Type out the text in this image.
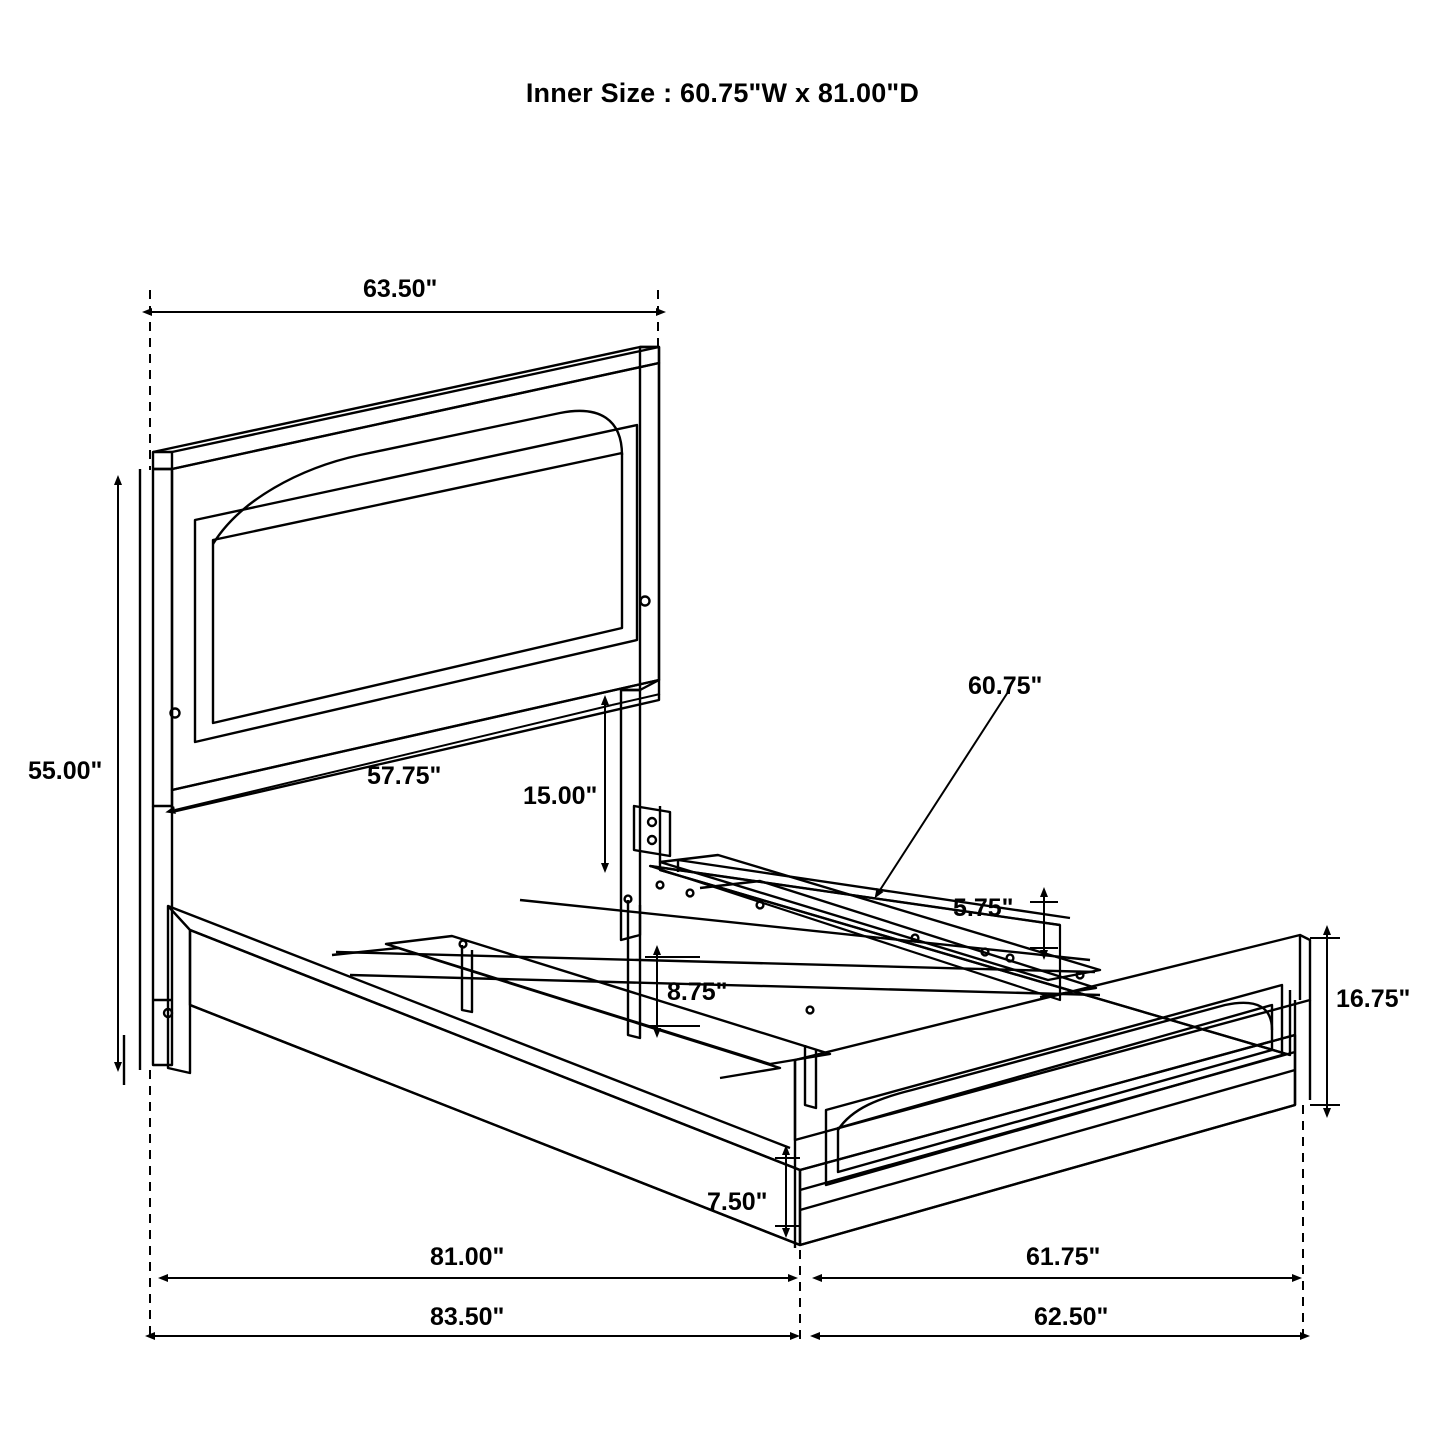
Inner Size : 60.75"W x 81.00"D
63.50"
55.00"	57.75"
15.00"
60.75"
5.75"
8.75"	16.75"
7.50"
81.00"	61.75"
83.50"	62.50"
